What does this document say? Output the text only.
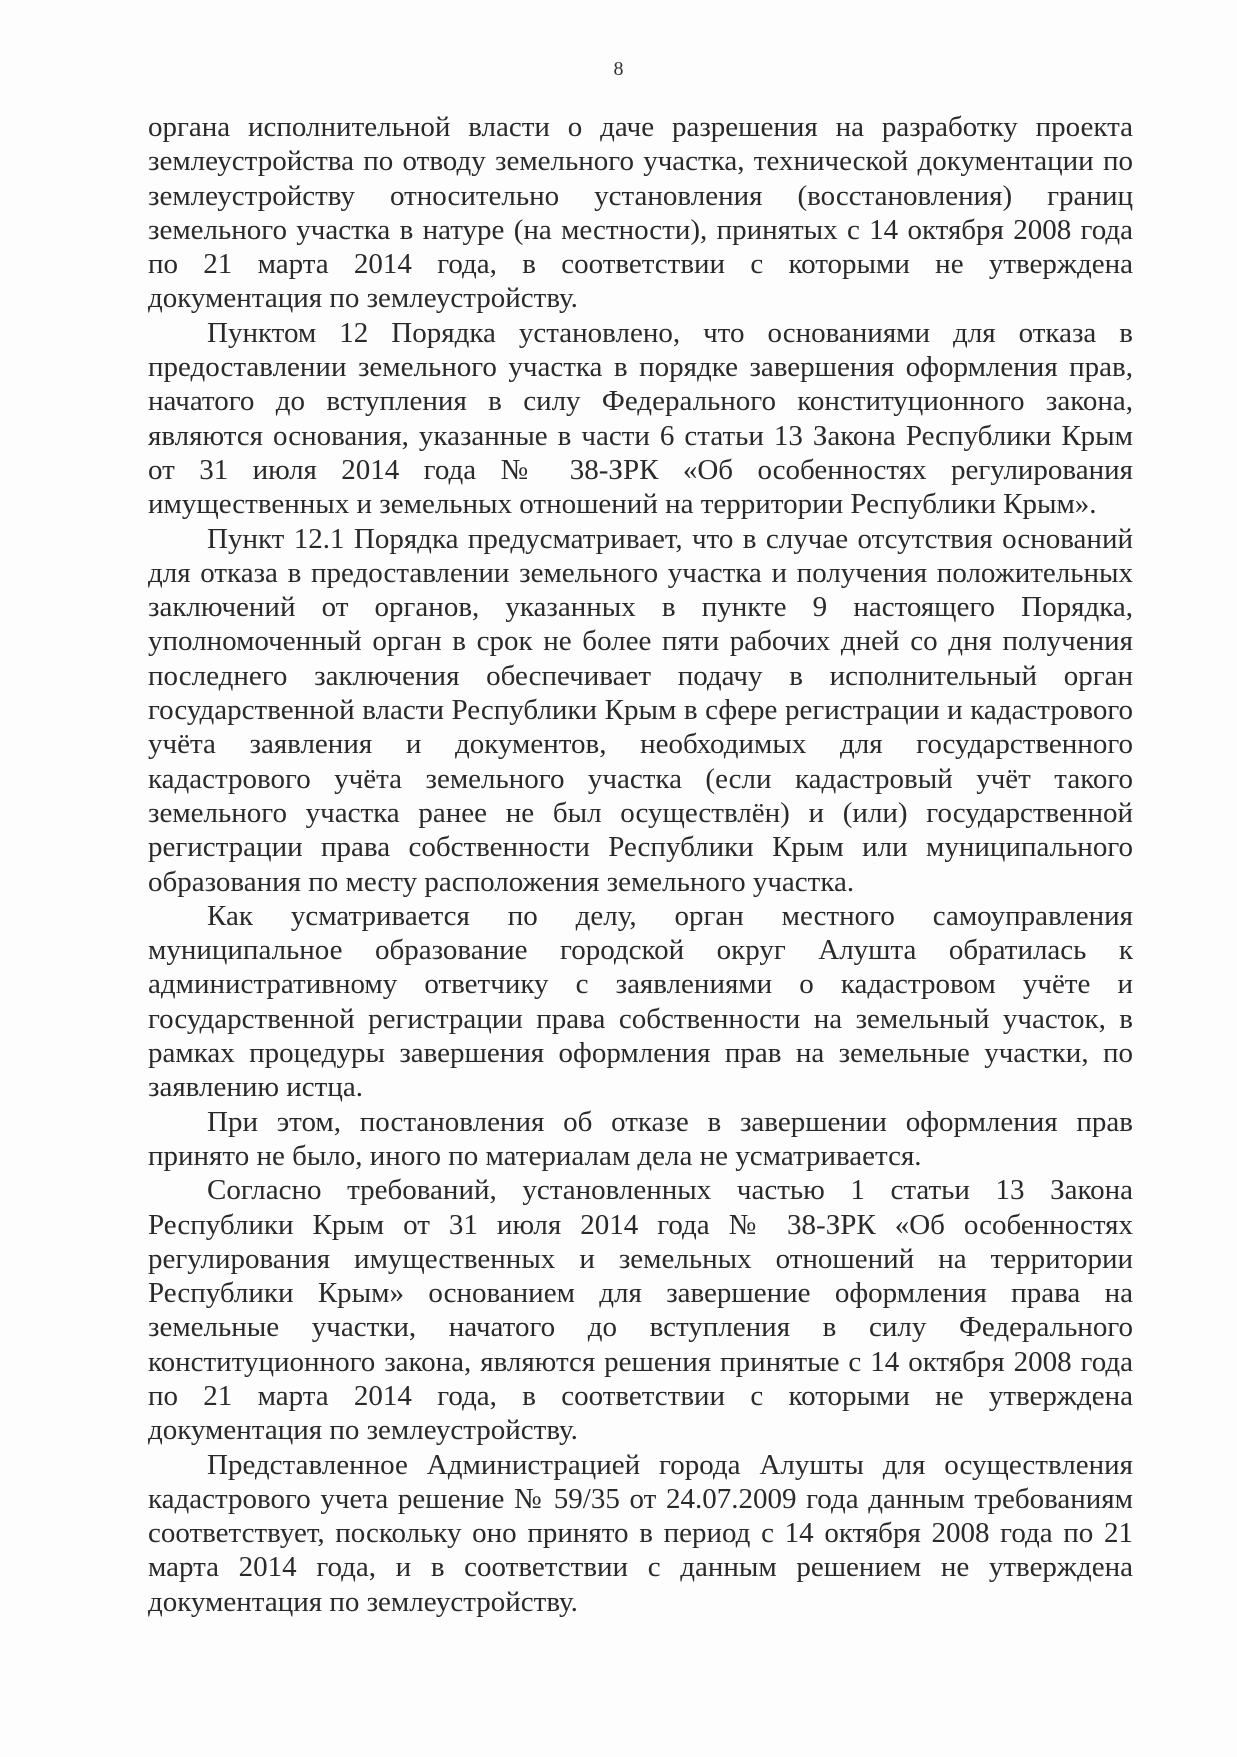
8

органа исполнительной власти о даче разрешения на разработку проекта землеустройства по отводу земельного участка, технической документации по землеустройству относительно установления (восстановления) границ земельного участка в натуре (на местности), принятых с 14 октября 2008 года по 21 марта 2014 года, в соответствии с которыми не утверждена документация по землеустройству.

Пунктом 12 Порядка установлено, что основаниями для отказа в предоставлении земельного участка в порядке завершения оформления прав, начатого до вступления в силу Федерального конституционного закона, являются основания, указанные в части 6 статьи 13 Закона Республики Крым от 31 июля 2014 года № 38-ЗРК «Об особенностях регулирования имущественных и земельных отношений на территории Республики Крым».

Пункт 12.1 Порядка предусматривает, что в случае отсутствия оснований для отказа в предоставлении земельного участка и получения положительных заключений от органов, указанных в пункте 9 настоящего Порядка, уполномоченный орган в срок не более пяти рабочих дней со дня получения последнего заключения обеспечивает подачу в исполнительный орган государственной власти Республики Крым в сфере регистрации и кадастрового учёта заявления и документов, необходимых для государственного кадастрового учёта земельного участка (если кадастровый учёт такого земельного участка ранее не был осуществлён) и (или) государственной регистрации права собственности Республики Крым или муниципального образования по месту расположения земельного участка.

Как усматривается по делу, орган местного самоуправления муниципальное образование городской округ Алушта обратилась к административному ответчику с заявлениями о кадастровом учёте и государственной регистрации права собственности на земельный участок, в рамках процедуры завершения оформления прав на земельные участки, по заявлению истца.

При этом, постановления об отказе в завершении оформления прав принято не было, иного по материалам дела не усматривается.

Согласно требований, установленных частью 1 статьи 13 Закона Республики Крым от 31 июля 2014 года № 38-ЗРК «Об особенностях регулирования имущественных и земельных отношений на территории Республики Крым» основанием для завершение оформления права на земельные участки, начатого до вступления в силу Федерального конституционного закона, являются решения принятые с 14 октября 2008 года по 21 марта 2014 года, в соответствии с которыми не утверждена документация по землеустройству.

Представленное Администрацией города Алушты для осуществления кадастрового учета решение № 59/35 от 24.07.2009 года данным требованиям соответствует, поскольку оно принято в период с 14 октября 2008 года по 21 марта 2014 года, и в соответствии с данным решением не утверждена документация по землеустройству.
